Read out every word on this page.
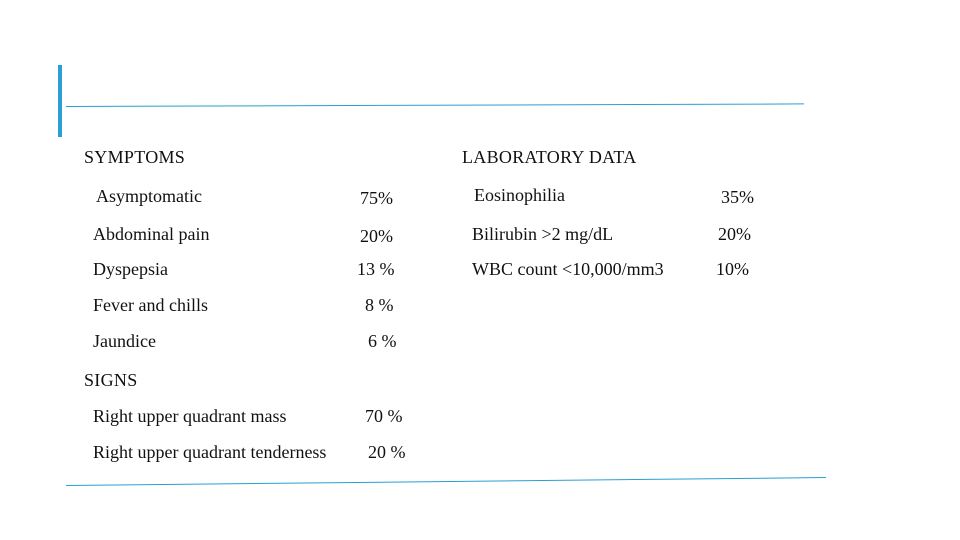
SYMPTOMS
Asymptomatic	75%
Abdominal pain	20%
Dyspepsia	13 %
Fever and chills	8 %
Jaundice	6 %
SIGNS
Right upper quadrant mass	70 %
Right upper quadrant tenderness 20 %
LABORATORY DATA
Eosinophilia	35%
Bilirubin >2 mg/dL	20%
WBC count <10,000/mm3	10%
